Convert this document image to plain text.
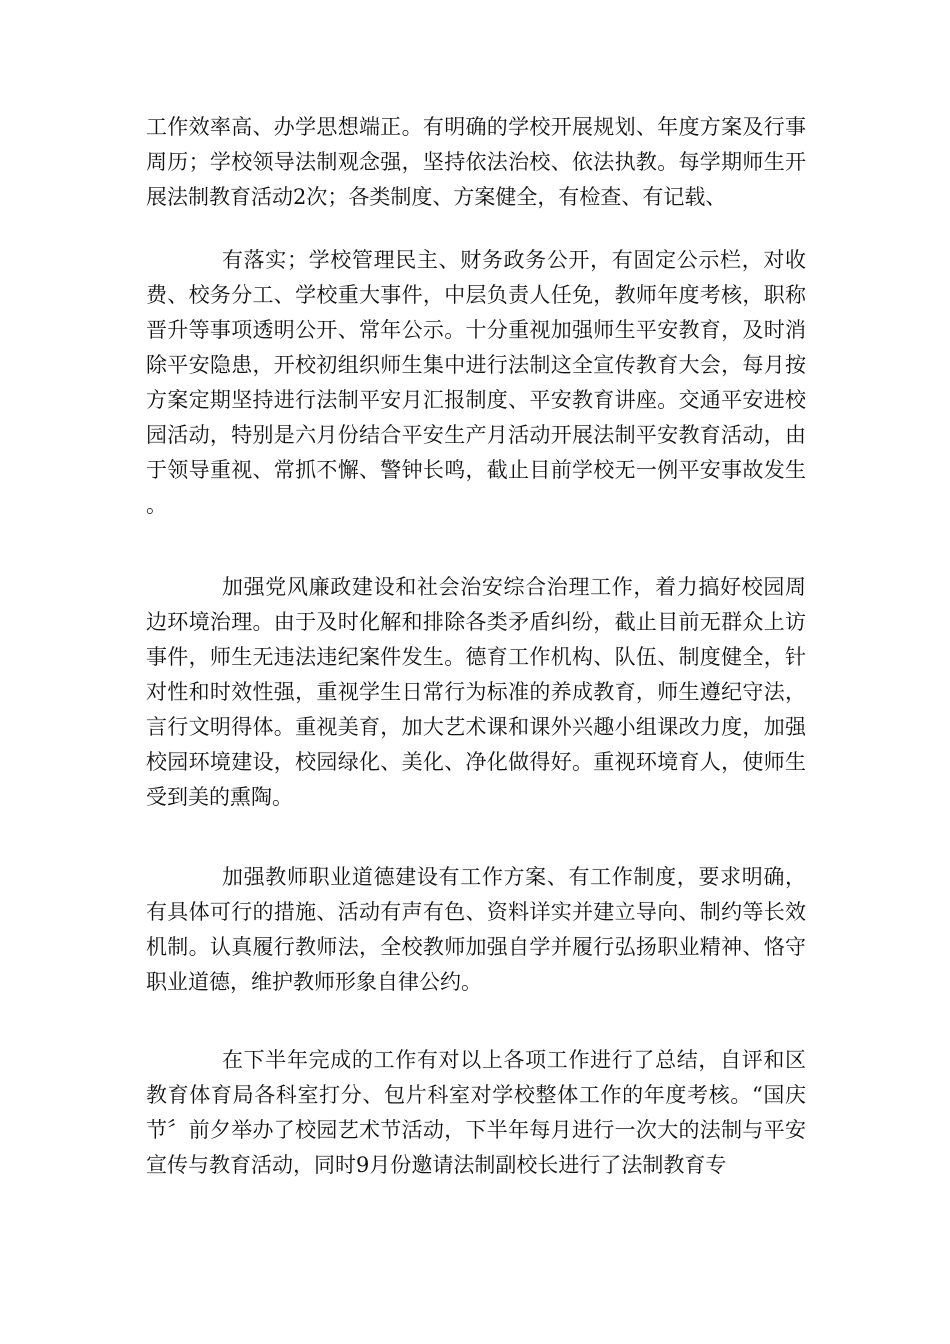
工作效率高、办学思想端正。有明确的学校开展规划、年度方案及行事周历；学校领导法制观念强，坚持依法治校、依法执教。每学期师生开展法制教育活动2次；各类制度、方案健全，有检查、有记载、

有落实；学校管理民主、财务政务公开，有固定公示栏，对收费、校务分工、学校重大事件，中层负责人任免，教师年度考核，职称晋升等事项透明公开、常年公示。十分重视加强师生平安教育，及时消除平安隐患，开校初组织师生集中进行法制这全宣传教育大会，每月按方案定期坚持进行法制平安月汇报制度、平安教育讲座。交通平安进校园活动，特别是六月份结合平安生产月活动开展法制平安教育活动，由于领导重视、常抓不懈、警钟长鸣，截止目前学校无一例平安事故发生。

加强党风廉政建设和社会治安综合治理工作，着力搞好校园周边环境治理。由于及时化解和排除各类矛盾纠纷，截止目前无群众上访事件，师生无违法违纪案件发生。德育工作机构、队伍、制度健全，针对性和时效性强，重视学生日常行为标准的养成教育，师生遵纪守法，言行文明得体。重视美育，加大艺术课和课外兴趣小组课改力度，加强校园环境建设，校园绿化、美化、净化做得好。重视环境育人，使师生受到美的熏陶。

加强教师职业道德建设有工作方案、有工作制度，要求明确，有具体可行的措施、活动有声有色、资料详实并建立导向、制约等长效机制。认真履行教师法，全校教师加强自学并履行弘扬职业精神、恪守职业道德，维护教师形象自律公约。

在下半年完成的工作有对以上各项工作进行了总结，自评和区教育体育局各科室打分、包片科室对学校整体工作的年度考核。“国庆节〞前夕举办了校园艺术节活动，下半年每月进行一次大的法制与平安宣传与教育活动，同时9月份邀请法制副校长进行了法制教育专
